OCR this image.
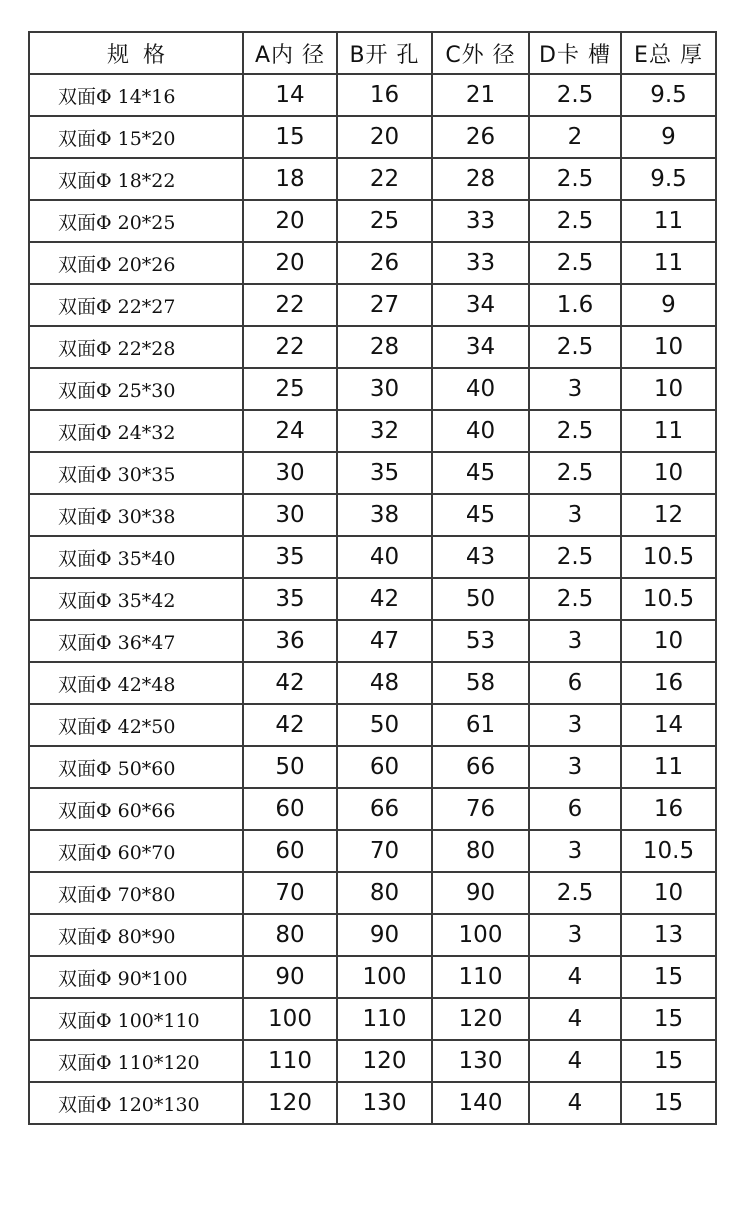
规  格	A内 径	B开 孔	C外 径	D卡 槽	E总 厚
双面Φ 14*16	14	16	21	2.5	9.5
双面Φ 15*20	15	20	26	2	9
双面Φ 18*22	18	22	28	2.5	9.5
双面Φ 20*25	20	25	33	2.5	11
双面Φ 20*26	20	26	33	2.5	11
双面Φ 22*27	22	27	34	1.6	9
双面Φ 22*28	22	28	34	2.5	10
双面Φ 25*30	25	30	40	3	10
双面Φ 24*32	24	32	40	2.5	11
双面Φ 30*35	30	35	45	2.5	10
双面Φ 30*38	30	38	45	3	12
双面Φ 35*40	35	40	43	2.5	10.5
双面Φ 35*42	35	42	50	2.5	10.5
双面Φ 36*47	36	47	53	3	10
双面Φ 42*48	42	48	58	6	16
双面Φ 42*50	42	50	61	3	14
双面Φ 50*60	50	60	66	3	11
双面Φ 60*66	60	66	76	6	16
双面Φ 60*70	60	70	80	3	10.5
双面Φ 70*80	70	80	90	2.5	10
双面Φ 80*90	80	90	100	3	13
双面Φ 90*100	90	100	110	4	15
双面Φ 100*110	100	110	120	4	15
双面Φ 110*120	110	120	130	4	15
双面Φ 120*130	120	130	140	4	15
